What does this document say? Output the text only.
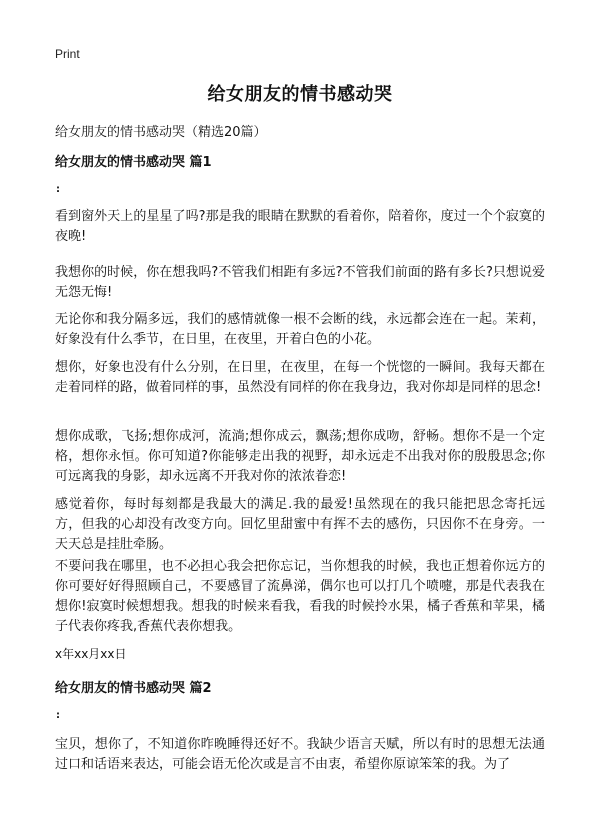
Print
给女朋友的情书感动哭
给女朋友的情书感动哭（精选20篇）
给女朋友的情书感动哭 篇1
:

看到窗外天上的星星了吗?那是我的眼睛在默默的看着你，陪着你，度过一个个寂寞的夜晚!

我想你的时候，你在想我吗?不管我们相距有多远?不管我们前面的路有多长?只想说爱无怨无悔!

无论你和我分隔多远，我们的感情就像一根不会断的线，永远都会连在一起。茉莉，好象没有什么季节，在日里，在夜里，开着白色的小花。

想你，好象也没有什么分别，在日里，在夜里，在每一个恍惚的一瞬间。我每天都在走着同样的路，做着同样的事，虽然没有同样的你在我身边，我对你却是同样的思念!

想你成歌，飞扬;想你成河，流淌;想你成云，飘荡;想你成吻，舒畅。想你不是一个定格，想你永恒。你可知道?你能够走出我的视野，却永远走不出我对你的殷殷思念;你可远离我的身影，却永远离不开我对你的浓浓眷恋!

感觉着你，每时每刻都是我最大的满足.我的最爱!虽然现在的我只能把思念寄托远方，但我的心却没有改变方向。回忆里甜蜜中有挥不去的感伤，只因你不在身旁。一天天总是挂肚牵肠。

不要问我在哪里，也不必担心我会把你忘记，当你想我的时候，我也正想着你远方的你可要好好得照顾自己，不要感冒了流鼻涕，偶尔也可以打几个喷嚏，那是代表我在想你!寂寞时候想想我。想我的时候来看我，看我的时候拎水果，橘子香蕉和苹果，橘子代表你疼我,香蕉代表你想我。

x年xx月xx日
给女朋友的情书感动哭 篇2
:

宝贝，想你了，不知道你昨晚睡得还好不。我缺少语言天赋，所以有时的思想无法通过口和话语来表达，可能会语无伦次或是言不由衷，希望你原谅笨笨的我。为了
